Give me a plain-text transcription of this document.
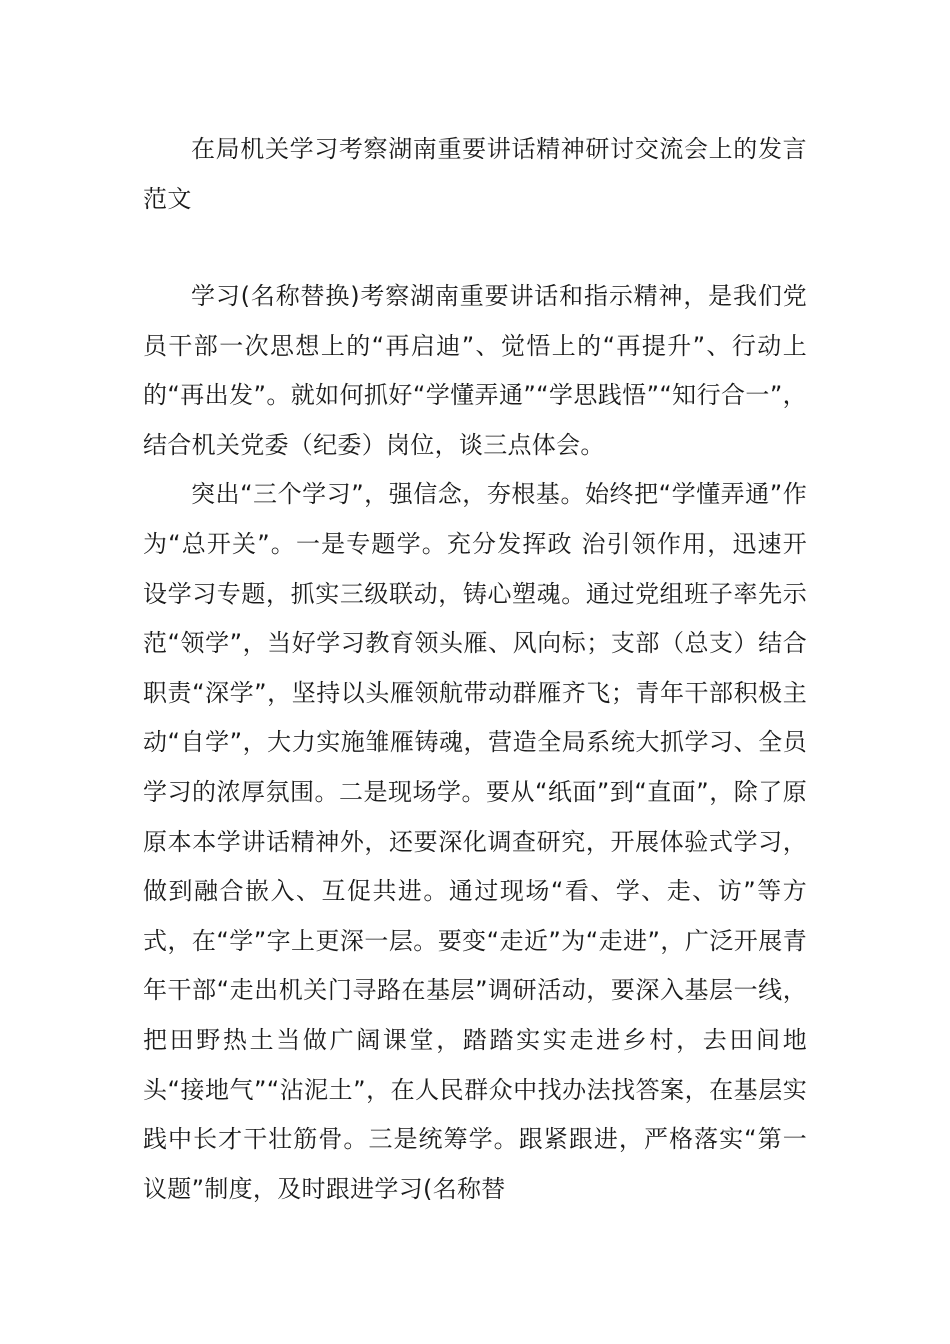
在局机关学习考察湖南重要讲话精神研讨交流会上的发言范文

学习(名称替换)考察湖南重要讲话和指示精神，是我们党员干部一次思想上的“再启迪”、觉悟上的“再提升”、行动上的“再出发”。就如何抓好“学懂弄通”“学思践悟”“知行合一”，结合机关党委（纪委）岗位，谈三点体会。

突出“三个学习”，强信念，夯根基。始终把“学懂弄通”作为“总开关”。一是专题学。充分发挥政 治引领作用，迅速开设学习专题，抓实三级联动，铸心塑魂。通过党组班子率先示范“领学”，当好学习教育领头雁、风向标；支部（总支）结合职责“深学”，坚持以头雁领航带动群雁齐飞；青年干部积极主动“自学”，大力实施雏雁铸魂，营造全局系统大抓学习、全员学习的浓厚氛围。二是现场学。要从“纸面”到“直面”，除了原原本本学讲话精神外，还要深化调查研究，开展体验式学习，做到融合嵌入、互促共进。通过现场“看、学、走、访”等方式，在“学”字上更深一层。要变“走近”为“走进”，广泛开展青年干部“走出机关门寻路在基层”调研活动，要深入基层一线，把田野热土当做广阔课堂，踏踏实实走进乡村，去田间地头“接地气”“沾泥土”，在人民群众中找办法找答案，在基层实践中长才干壮筋骨。三是统筹学。跟紧跟进，严格落实“第一议题”制度，及时跟进学习(名称替
